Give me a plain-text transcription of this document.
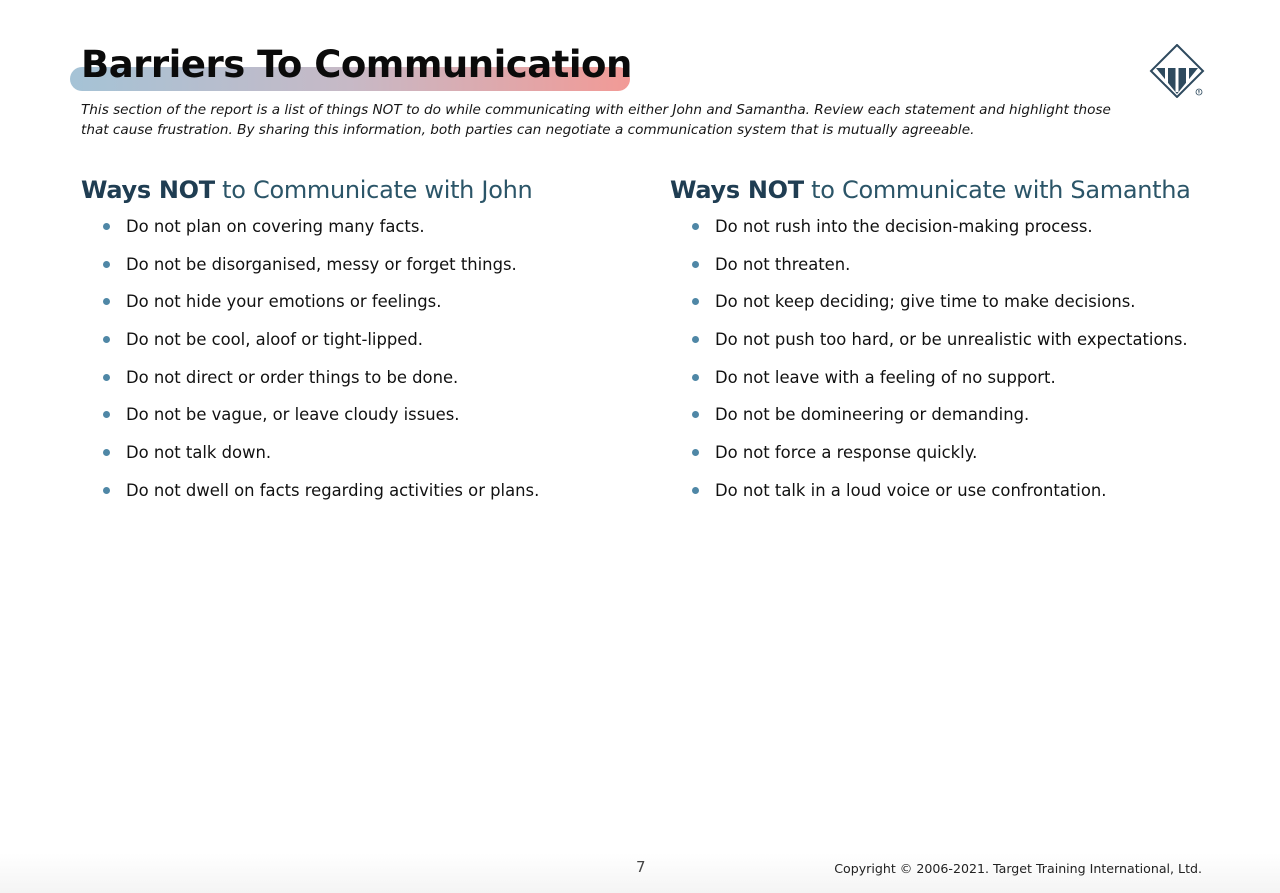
Barriers To Communication
R

This section of the report is a list of things NOT to do while communicating with either John and Samantha. Review each statement and highlight those that cause frustration. By sharing this information, both parties can negotiate a communication system that is mutually agreeable.

Ways NOT to Communicate with John
Do not plan on covering many facts.
Do not be disorganised, messy or forget things.
Do not hide your emotions or feelings.
Do not be cool, aloof or tight-lipped.
Do not direct or order things to be done.
Do not be vague, or leave cloudy issues.
Do not talk down.
Do not dwell on facts regarding activities or plans.
Ways NOT to Communicate with Samantha
Do not rush into the decision-making process.
Do not threaten.
Do not keep deciding; give time to make decisions.
Do not push too hard, or be unrealistic with expectations.
Do not leave with a feeling of no support.
Do not be domineering or demanding.
Do not force a response quickly.
Do not talk in a loud voice or use confrontation.
7	Copyright © 2006-2021. Target Training International, Ltd.
